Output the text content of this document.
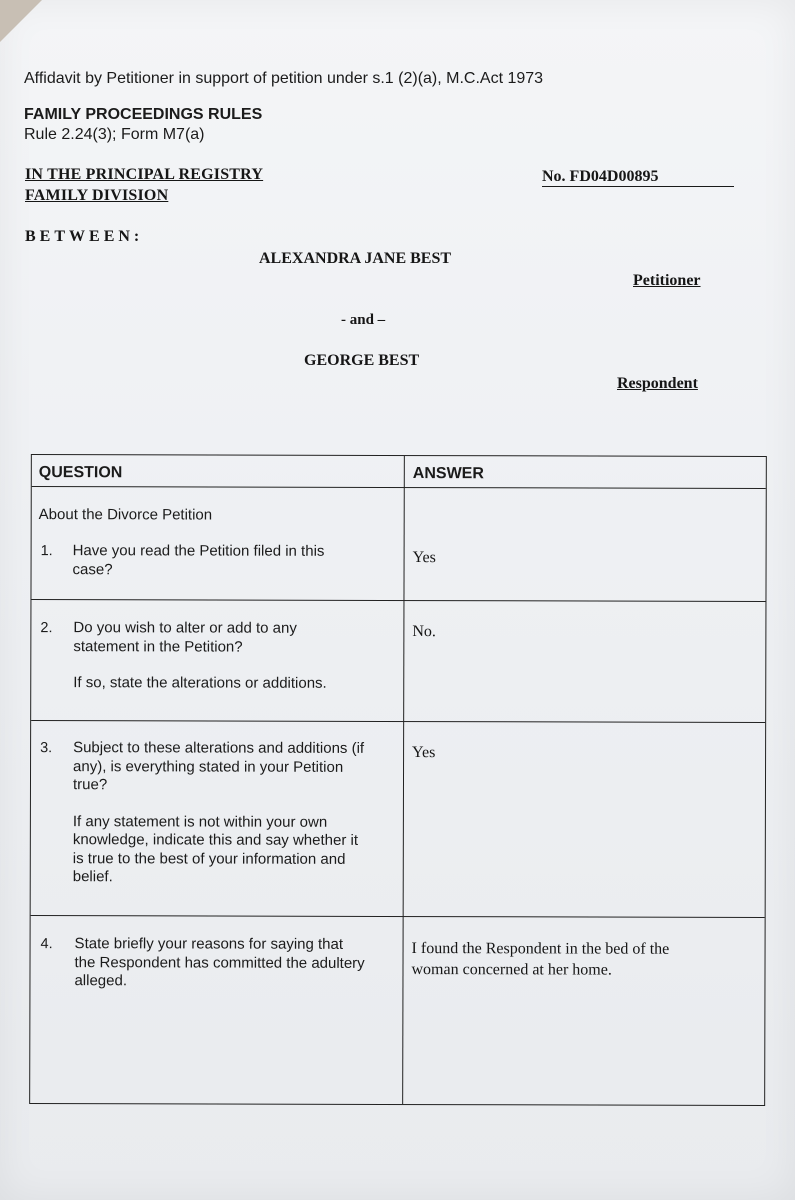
Affidavit by Petitioner in support of petition under s.1 (2)(a), M.C.Act 1973
FAMILY PROCEEDINGS RULES
Rule 2.24(3); Form M7(a)
IN THE PRINCIPAL REGISTRY
FAMILY DIVISION
No. FD04D00895
BETWEEN:
ALEXANDRA JANE BEST
Petitioner
- and –
GEORGE BEST
Respondent
QUESTION	ANSWER
About the Divorce Petition
1. Have you read the Petition filed in this
case?
Yes
2. Do you wish to alter or add to any
statement in the Petition?
If so, state the alterations or additions.
No.
3. Subject to these alterations and additions (if
any), is everything stated in your Petition
true?
If any statement is not within your own
knowledge, indicate this and say whether it
is true to the best of your information and
belief.
Yes
4. State briefly your reasons for saying that
the Respondent has committed the adultery
alleged.
I found the Respondent in the bed of the
woman concerned at her home.
